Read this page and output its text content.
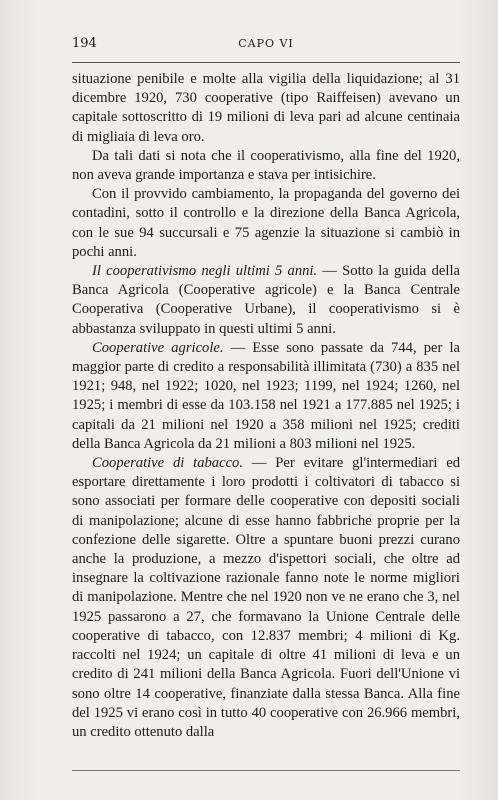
194	CAPO VI

situazione penibile e molte alla vigilia della liquidazione; al 31 dicembre 1920, 730 cooperative (tipo Raiffeisen) avevano un capitale sottoscritto di 19 milioni di leva pari ad alcune centinaia di migliaia di leva oro.

Da tali dati si nota che il cooperativismo, alla fine del 1920, non aveva grande importanza e stava per intisichire.

Con il provvido cambiamento, la propaganda del governo dei contadini, sotto il controllo e la direzione della Banca Agricola, con le sue 94 succursali e 75 agenzie la situazione si cambiò in pochi anni.

Il cooperativismo negli ultimi 5 anni. — Sotto la guida della Banca Agricola (Cooperative agricole) e la Banca Centrale Cooperativa (Cooperative Urbane), il cooperativismo si è abbastanza sviluppato in questi ultimi 5 anni.

Cooperative agricole. — Esse sono passate da 744, per la maggior parte di credito a responsabilità illimitata (730) a 835 nel 1921; 948, nel 1922; 1020, nel 1923; 1199, nel 1924; 1260, nel 1925; i membri di esse da 103.158 nel 1921 a 177.885 nel 1925; i capitali da 21 milioni nel 1920 a 358 milioni nel 1925; crediti della Banca Agricola da 21 milioni a 803 milioni nel 1925.

Cooperative di tabacco. — Per evitare gl'intermediari ed esportare direttamente i loro prodotti i coltivatori di tabacco si sono associati per formare delle cooperative con depositi sociali di manipolazione; alcune di esse hanno fabbriche proprie per la confezione delle sigarette. Oltre a spuntare buoni prezzi curano anche la produzione, a mezzo d'ispettori sociali, che oltre ad insegnare la coltivazione razionale fanno note le norme migliori di manipolazione. Mentre che nel 1920 non ve ne erano che 3, nel 1925 passarono a 27, che formavano la Unione Centrale delle cooperative di tabacco, con 12.837 membri; 4 milioni di Kg. raccolti nel 1924; un capitale di oltre 41 milioni di leva e un credito di 241 milioni della Banca Agricola. Fuori dell'Unione vi sono oltre 14 cooperative, finanziate dalla stessa Banca. Alla fine del 1925 vi erano così in tutto 40 cooperative con 26.966 membri, un credito ottenuto dalla
